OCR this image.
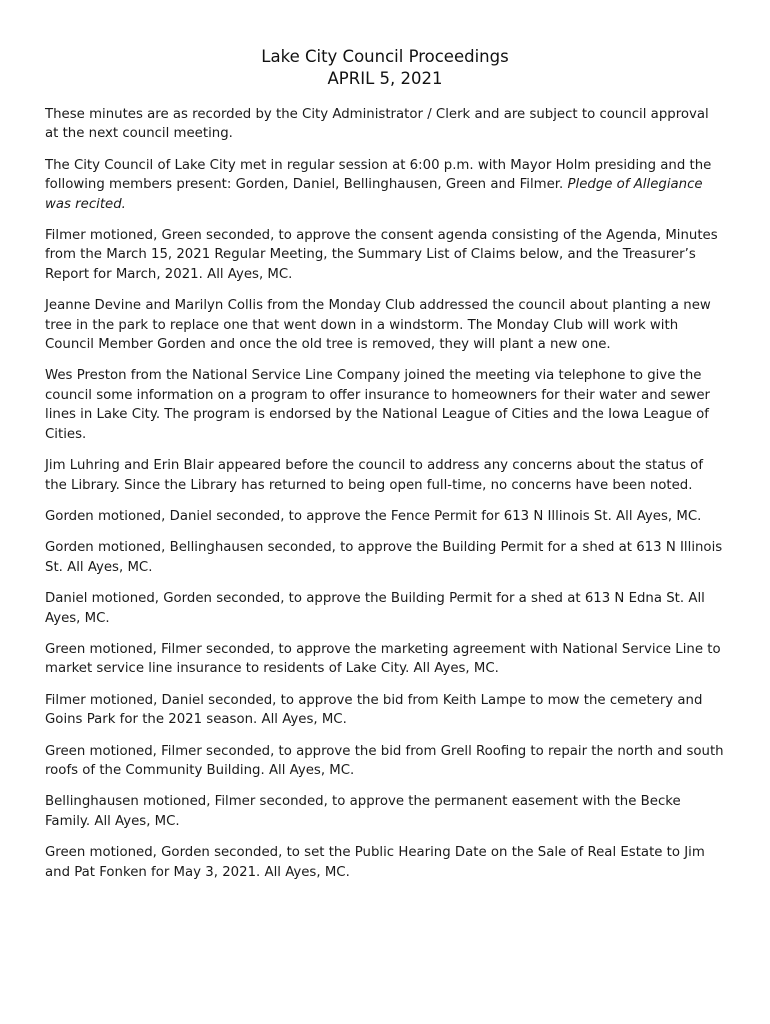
Lake City Council Proceedings
APRIL 5, 2021

These minutes are as recorded by the City Administrator / Clerk and are subject to council approval at the next council meeting.

The City Council of Lake City met in regular session at 6:00 p.m. with Mayor Holm presiding and the following members present: Gorden, Daniel, Bellinghausen, Green and Filmer. Pledge of Allegiance was recited.

Filmer motioned, Green seconded, to approve the consent agenda consisting of the Agenda, Minutes from the March 15, 2021 Regular Meeting, the Summary List of Claims below, and the Treasurer’s Report for March, 2021. All Ayes, MC.

Jeanne Devine and Marilyn Collis from the Monday Club addressed the council about planting a new tree in the park to replace one that went down in a windstorm. The Monday Club will work with Council Member Gorden and once the old tree is removed, they will plant a new one.

Wes Preston from the National Service Line Company joined the meeting via telephone to give the council some information on a program to offer insurance to homeowners for their water and sewer lines in Lake City. The program is endorsed by the National League of Cities and the Iowa League of Cities.

Jim Luhring and Erin Blair appeared before the council to address any concerns about the status of the Library. Since the Library has returned to being open full-time, no concerns have been noted.

Gorden motioned, Daniel seconded, to approve the Fence Permit for 613 N Illinois St. All Ayes, MC.

Gorden motioned, Bellinghausen seconded, to approve the Building Permit for a shed at 613 N Illinois St. All Ayes, MC.

Daniel motioned, Gorden seconded, to approve the Building Permit for a shed at 613 N Edna St. All Ayes, MC.

Green motioned, Filmer seconded, to approve the marketing agreement with National Service Line to market service line insurance to residents of Lake City. All Ayes, MC.

Filmer motioned, Daniel seconded, to approve the bid from Keith Lampe to mow the cemetery and Goins Park for the 2021 season. All Ayes, MC.

Green motioned, Filmer seconded, to approve the bid from Grell Roofing to repair the north and south roofs of the Community Building. All Ayes, MC.

Bellinghausen motioned, Filmer seconded, to approve the permanent easement with the Becke Family. All Ayes, MC.

Green motioned, Gorden seconded, to set the Public Hearing Date on the Sale of Real Estate to Jim and Pat Fonken for May 3, 2021. All Ayes, MC.
